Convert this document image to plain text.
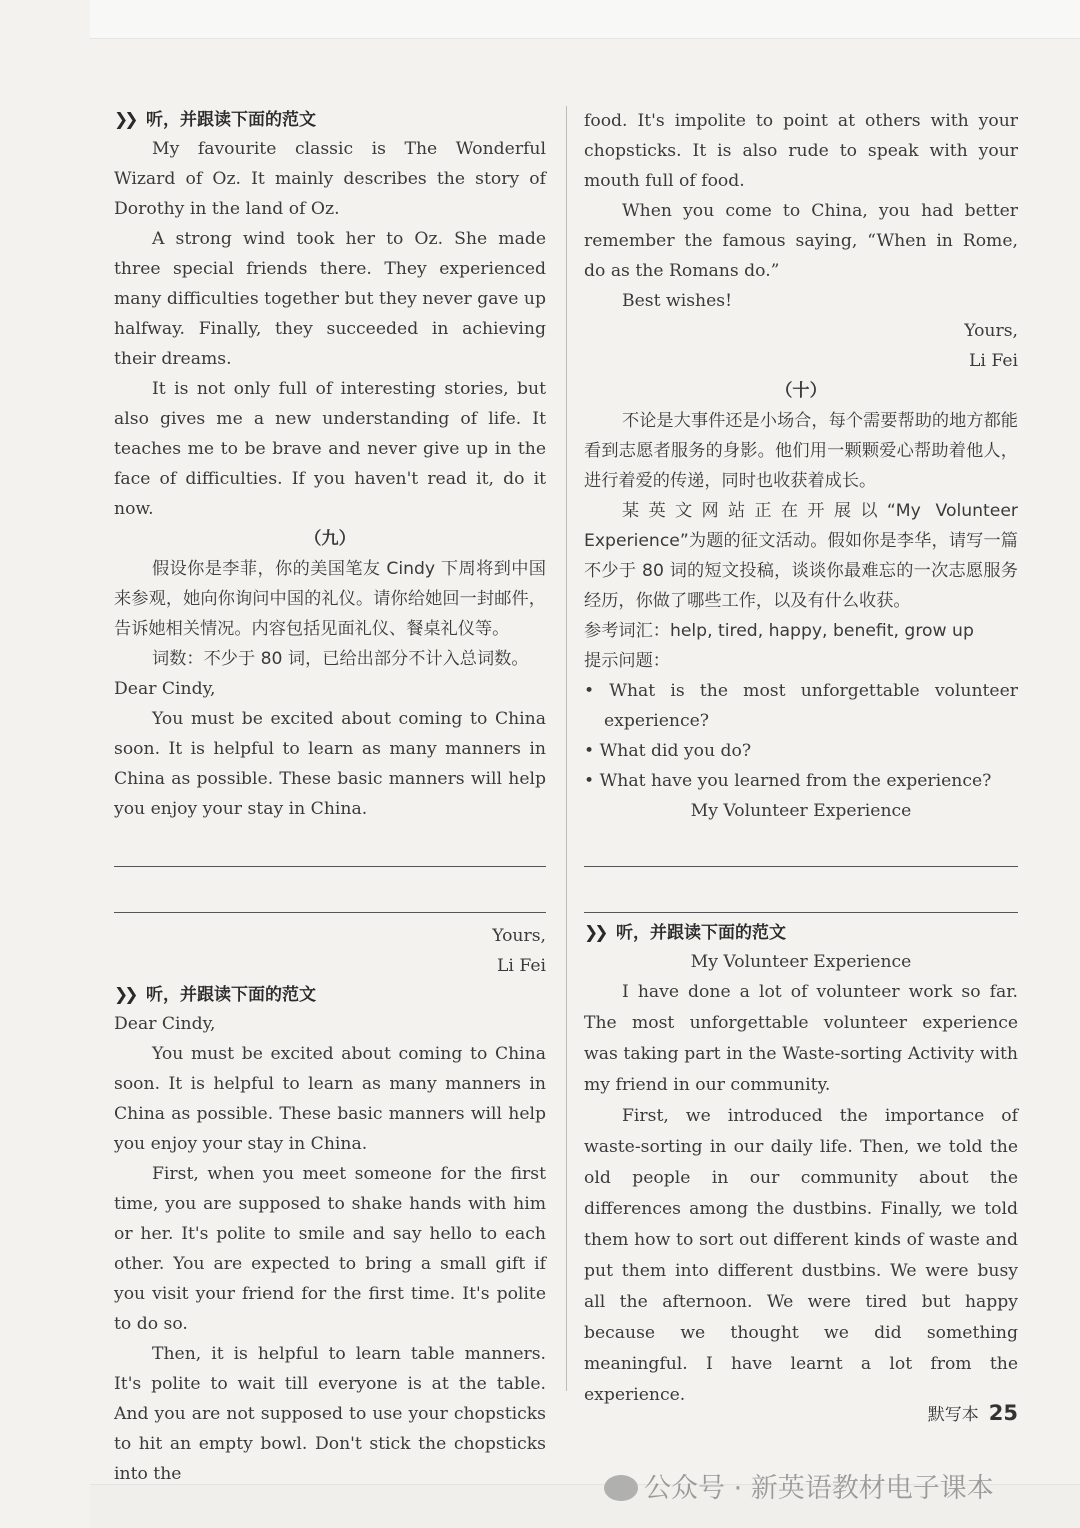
❯❯ 听，并跟读下面的范文

My favourite classic is The Wonderful Wizard of Oz. It mainly describes the story of Dorothy in the land of Oz.

A strong wind took her to Oz. She made three special friends there. They experienced many difficulties together but they never gave up halfway. Finally, they succeeded in achieving their dreams.

It is not only full of interesting stories, but also gives me a new understanding of life. It teaches me to be brave and never give up in the face of difficulties. If you haven't read it, do it now.

（九）

假设你是李菲，你的美国笔友 Cindy 下周将到中国来参观，她向你询问中国的礼仪。请你给她回一封邮件，告诉她相关情况。内容包括见面礼仪、餐桌礼仪等。

词数：不少于 80 词，已给出部分不计入总词数。

Dear Cindy,

You must be excited about coming to China soon. It is helpful to learn as many manners in China as possible. These basic manners will help you enjoy your stay in China.

Yours,

Li Fei

❯❯ 听，并跟读下面的范文

Dear Cindy,

You must be excited about coming to China soon. It is helpful to learn as many manners in China as possible. These basic manners will help you enjoy your stay in China.

First, when you meet someone for the first time, you are supposed to shake hands with him or her. It's polite to smile and say hello to each other. You are expected to bring a small gift if you visit your friend for the first time. It's polite to do so.

Then, it is helpful to learn table manners. It's polite to wait till everyone is at the table. And you are not supposed to use your chopsticks to hit an empty bowl. Don't stick the chopsticks into the

food. It's impolite to point at others with your chopsticks. It is also rude to speak with your mouth full of food.

When you come to China, you had better remember the famous saying, “When in Rome, do as the Romans do.”

Best wishes!

Yours,

Li Fei

（十）

不论是大事件还是小场合，每个需要帮助的地方都能看到志愿者服务的身影。他们用一颗颗爱心帮助着他人，进行着爱的传递，同时也收获着成长。

某英文网站正在开展以“My Volunteer Experience”为题的征文活动。假如你是李华，请写一篇不少于 80 词的短文投稿，谈谈你最难忘的一次志愿服务经历，你做了哪些工作，以及有什么收获。

参考词汇：help, tired, happy, benefit, grow up

提示问题：

• What is the most unforgettable volunteer experience?

• What did you do?

• What have you learned from the experience?

My Volunteer Experience

❯❯ 听，并跟读下面的范文

My Volunteer Experience

I have done a lot of volunteer work so far. The most unforgettable volunteer experience was taking part in the Waste-sorting Activity with my friend in our community.

First, we introduced the importance of waste-sorting in our daily life. Then, we told the old people in our community about the differences among the dustbins. Finally, we told them how to sort out different kinds of waste and put them into different dustbins. We were busy all the afternoon. We were tired but happy because we thought we did something meaningful. I have learnt a lot from the experience.

默写本 25
公众号 · 新英语教材电子课本
